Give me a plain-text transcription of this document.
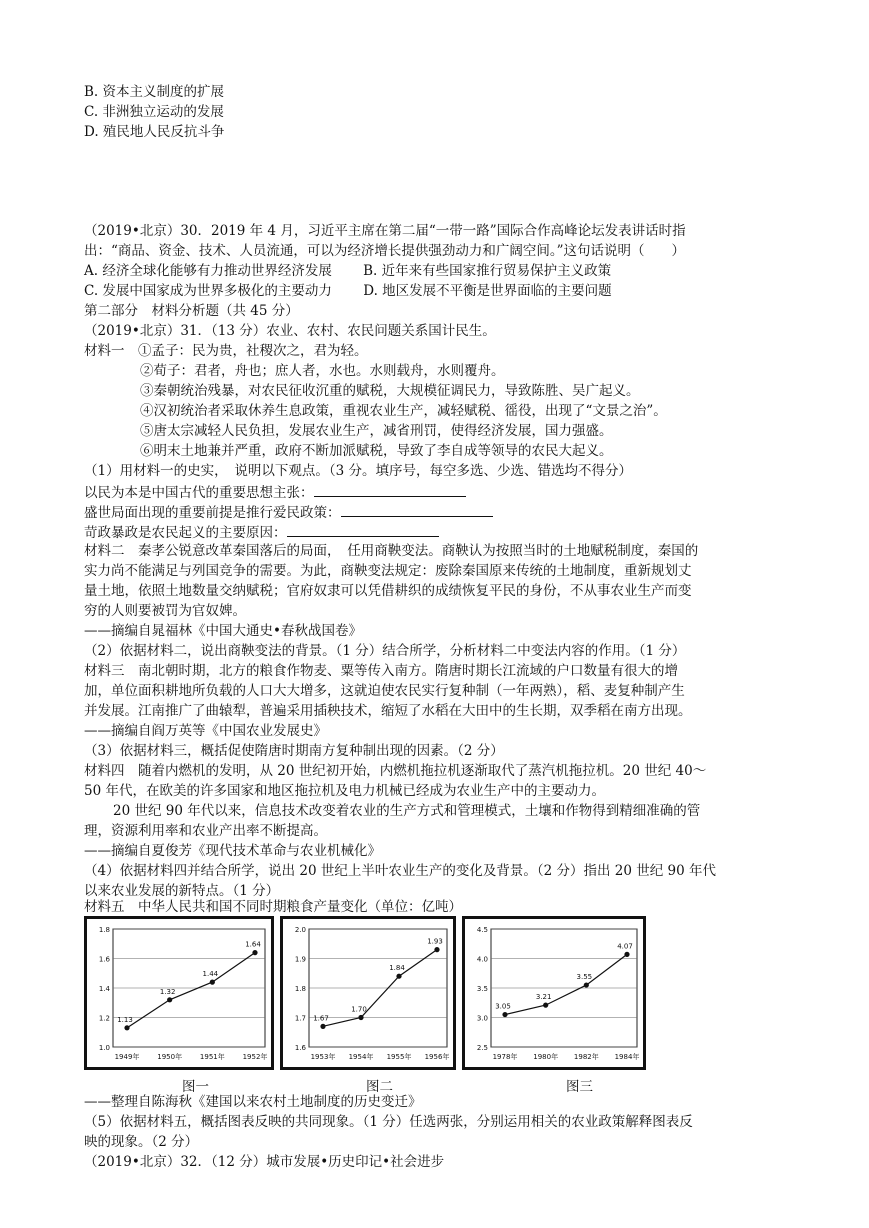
B. 资本主义制度的扩展
C. 非洲独立运动的发展
D. 殖民地人民反抗斗争
（2019•北京）30．2019 年 4 月，习近平主席在第二届“一带一路”国际合作高峰论坛发表讲话时指
出：“商品、资金、技术、人员流通，可以为经济增长提供强劲动力和广阔空间。”这句话说明（　　）
A. 经济全球化能够有力推动世界经济发展　　 B. 近年来有些国家推行贸易保护主义政策
C. 发展中国家成为世界多极化的主要动力　　 D. 地区发展不平衡是世界面临的主要问题
第二部分　材料分析题（共 45 分）
（2019•北京）31．（13 分）农业、农村、农民问题关系国计民生。
材料一　①孟子：民为贵，社稷次之，君为轻。
②荀子：君者，舟也；庶人者，水也。水则载舟，水则覆舟。
③秦朝统治残暴，对农民征收沉重的赋税，大规模征调民力，导致陈胜、吴广起义。
④汉初统治者采取休养生息政策，重视农业生产，减轻赋税、徭役，出现了“文景之治”。
⑤唐太宗减轻人民负担，发展农业生产，减省刑罚，使得经济发展，国力强盛。
⑥明末土地兼并严重，政府不断加派赋税，导致了李自成等领导的农民大起义。
（1）用材料一的史实，　说明以下观点。（3 分。填序号，每空多选、少选、错选均不得分）
以民为本是中国古代的重要思想主张：
盛世局面出现的重要前提是推行爱民政策：
苛政暴政是农民起义的主要原因：
材料二　秦孝公锐意改革秦国落后的局面，　任用商鞅变法。商鞅认为按照当时的土地赋税制度，秦国的
实力尚不能满足与列国竞争的需要。为此，商鞅变法规定：废除秦国原来传统的土地制度，重新规划丈
量土地，依照土地数量交纳赋税；官府奴隶可以凭借耕织的成绩恢复平民的身份，不从事农业生产而变
穷的人则要被罚为官奴婢。
——摘编自晁福林《中国大通史•春秋战国卷》
（2）依据材料二，说出商鞅变法的背景。（1 分）结合所学，分析材料二中变法内容的作用。（1 分）
材料三　南北朝时期，北方的粮食作物麦、粟等传入南方。隋唐时期长江流域的户口数量有很大的增
加，单位面积耕地所负载的人口大大增多，这就迫使农民实行复种制（一年两熟），稻、麦复种制产生
并发展。江南推广了曲辕犁，普遍采用插秧技术，缩短了水稻在大田中的生长期，双季稻在南方出现。
——摘编自阎万英等《中国农业发展史》
（3）依据材料三，概括促使隋唐时期南方复种制出现的因素。（2 分）
材料四　随着内燃机的发明，从 20 世纪初开始，内燃机拖拉机逐渐取代了蒸汽机拖拉机。20 世纪 40～
50 年代，在欧美的许多国家和地区拖拉机及电力机械已经成为农业生产中的主要动力。
20 世纪 90 年代以来，信息技术改变着农业的生产方式和管理模式，土壤和作物得到精细准确的管
理，资源利用率和农业产出率不断提高。
——摘编自夏俊芳《现代技术革命与农业机械化》
（4）依据材料四并结合所学，说出 20 世纪上半叶农业生产的变化及背景。（2 分）指出 20 世纪 90 年代
以来农业发展的新特点。（1 分）
材料五　中华人民共和国不同时期粮食产量变化（单位：亿吨）
1.0
1.2
1.4
1.6
1.8
1949年	1950年	1951年	1952年
1.13
1.32
1.44
1.64
1.6
1.7
1.8
1.9
2.0
1953年 1954年 1955年 1956年
1.67
1.70
1.84
1.93
2.5
3.0
3.5
4.0
4.5
1978年 1980年 1982年 1984年
3.05
3.21
3.55
4.07
图一	图二	图三
——整理自陈海秋《建国以来农村土地制度的历史变迁》
（5）依据材料五，概括图表反映的共同现象。（1 分）任选两张，分别运用相关的农业政策解释图表反
映的现象。（2 分）
（2019•北京）32．（12 分）城市发展•历史印记•社会进步
